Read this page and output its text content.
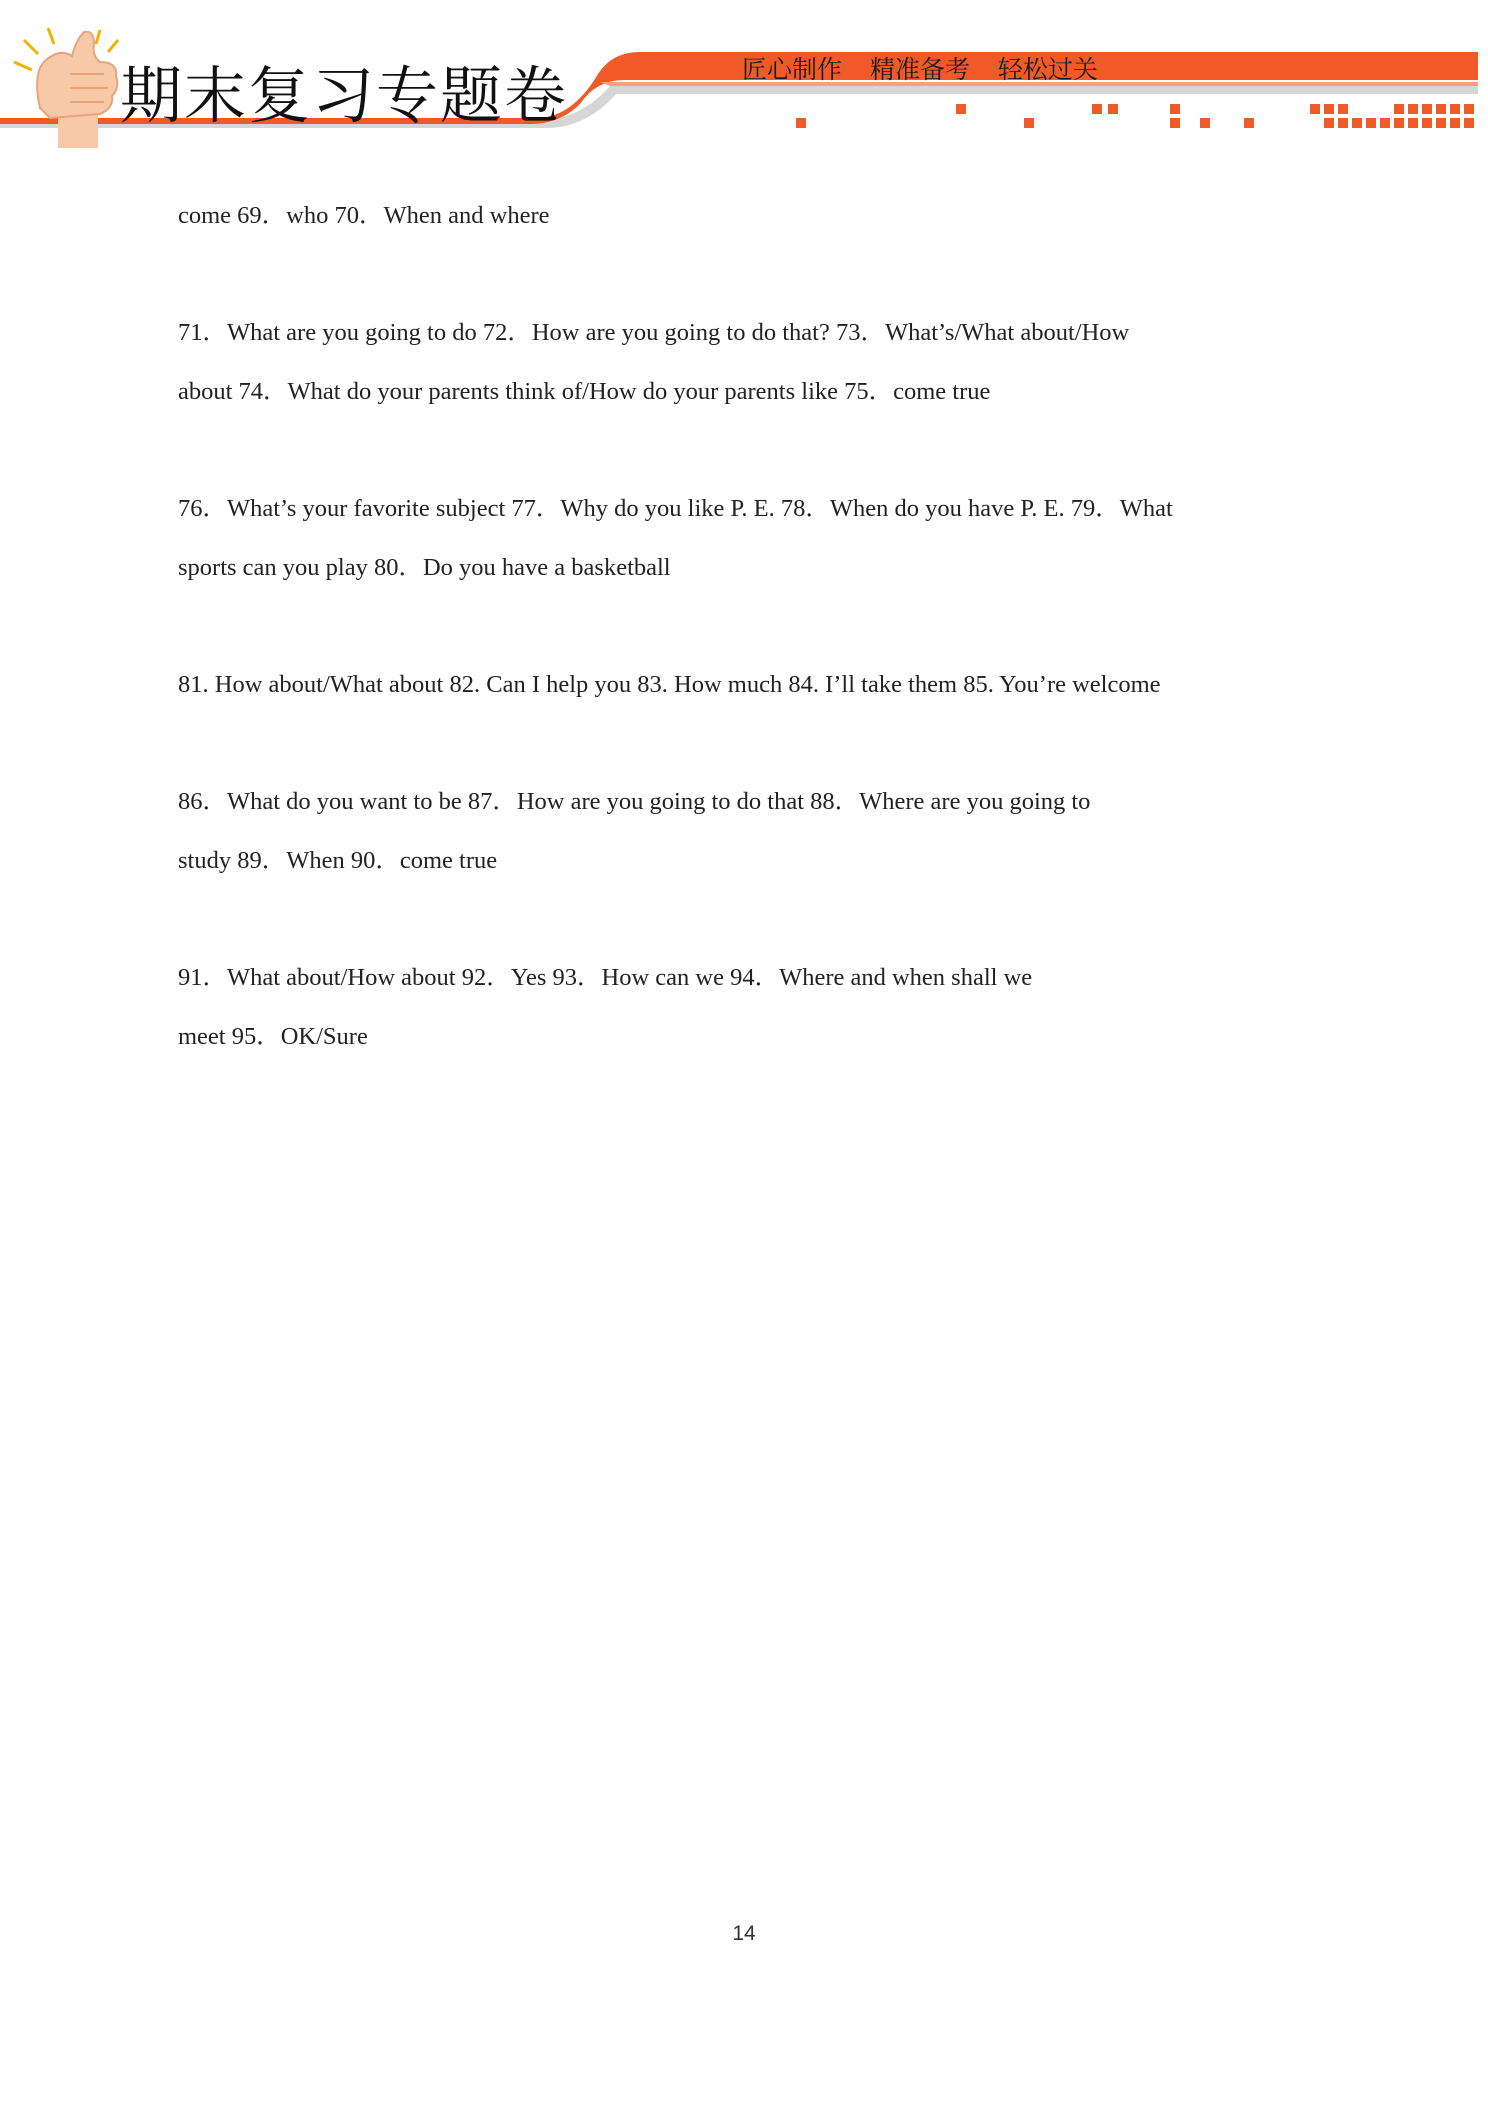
期末复习专题卷	匠心制作 精准备考 轻松过关

come 69．who 70．When and where

71．What are you going to do 72．How are you going to do that? 73．What’s/What about/How
about 74．What do your parents think of/How do your parents like 75．come true

76．What’s your favorite subject 77．Why do you like P. E. 78．When do you have P. E. 79．What
sports can you play 80．Do you have a basketball

81. How about/What about 82. Can I help you 83. How much 84. I’ll take them 85. You’re welcome

86．What do you want to be 87．How are you going to do that 88．Where are you going to
study 89．When 90．come true

91．What about/How about 92．Yes 93．How can we 94．Where and when shall we
meet 95．OK/Sure

14
